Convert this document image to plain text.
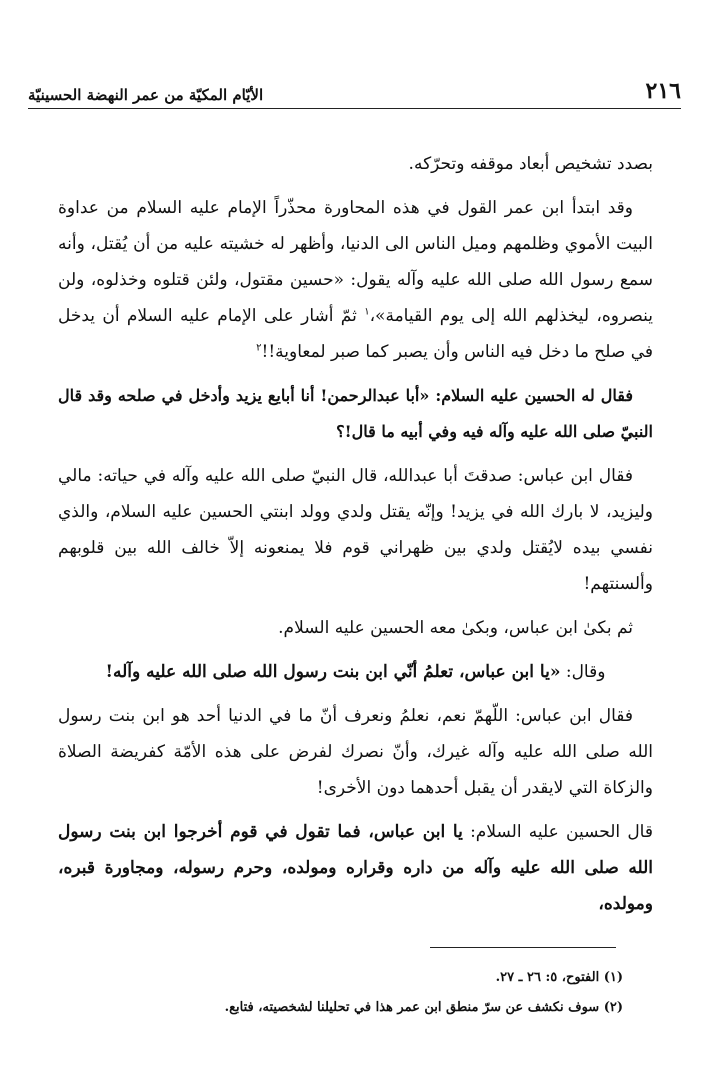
٢١٦
الأيّام المكيّة من عمر النهضة الحسينيّة

بصدد تشخيص أبعاد موقفه وتحرّكه.

وقد ابتدأ ابن عمر القول في هذه المحاورة محذّراً الإمام عليه السلام من عداوة البيت الأموي وظلمهم وميل الناس الى الدنيا، وأظهر له خشيته عليه من أن يُقتل، وأنه سمع رسول الله صلى الله عليه وآله يقول: «حسين مقتول، ولئن قتلوه وخذلوه، ولن ينصروه، ليخذلهم الله إلى يوم القيامة»،$^١$ ثمّ أشار على الإمام عليه السلام أن يدخل في صلح ما دخل فيه الناس وأن يصبر كما صبر لمعاوية!!$^٢$

فقال له الحسين عليه السلام: «أبا عبدالرحمن! أنا أبايع يزيد وأدخل في صلحه وقد قال النبيّ صلى الله عليه وآله فيه وفي أبيه ما قال!؟

فقال ابن عباس: صدقتَ أبا عبدالله، قال النبيّ صلى الله عليه وآله في حياته: مالي وليزيد، لا بارك الله في يزيد! وإنّه يقتل ولدي وولد ابنتي الحسين عليه السلام، والذي نفسي بيده لايُقتل ولدي بين ظهراني قوم فلا يمنعونه إلاّ خالف الله بين قلوبهم وألسنتهم!

ثم بكىٰ ابن عباس، وبكىٰ معه الحسين عليه السلام.

وقال: «يا ابن عباس، تعلمُ أنّي ابن بنت رسول الله صلى الله عليه وآله!

فقال ابن عباس: اللّهمّ نعم، نعلمُ ونعرف أنّ ما في الدنيا أحد هو ابن بنت رسول الله صلى الله عليه وآله غيرك، وأنّ نصرك لفرض على هذه الأمّة كفريضة الصلاة والزكاة التي لايقدر أن يقبل أحدهما دون الأخرى!

قال الحسين عليه السلام: يا ابن عباس، فما تقول في قوم أخرجوا ابن بنت رسول الله صلى الله عليه وآله من داره وقراره ومولده، وحرم رسوله، ومجاورة قبره، ومولده،

(١) الفتوح، ٥: ٢٦ ـ ٢٧.

(٢) سوف نكشف عن سرّ منطق ابن عمر هذا في تحليلنا لشخصيته، فتابع.
